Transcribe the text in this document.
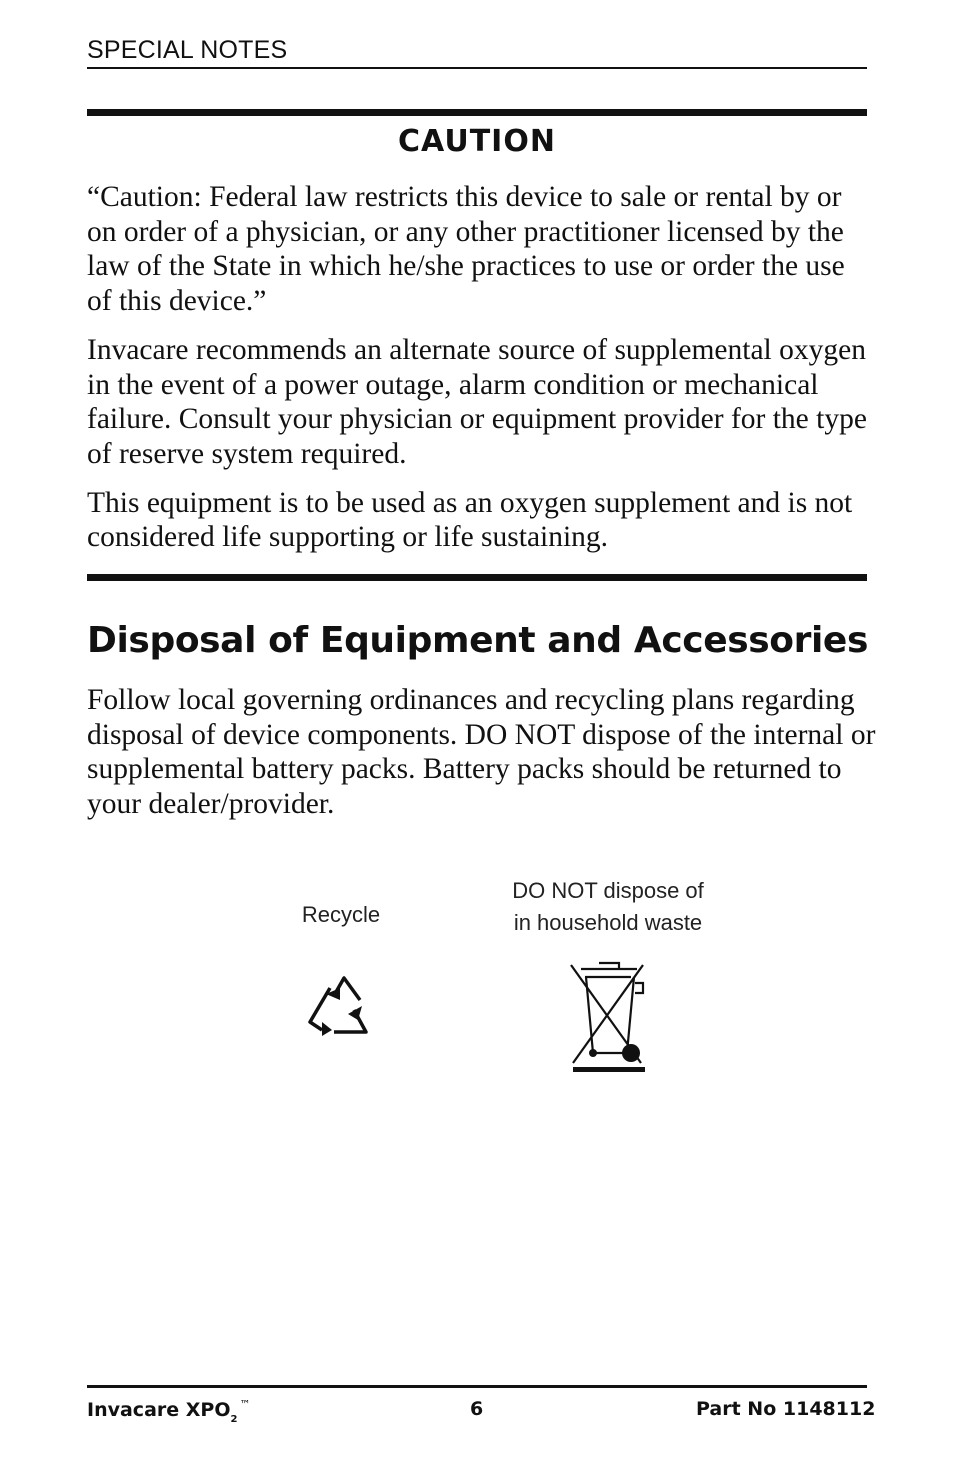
SPECIAL NOTES
CAUTION

“Caution: Federal law restricts this device to sale or rental by or on order of a physician, or any other practitioner licensed by the law of the State in which he/she practices to use or order the use of this device.”

Invacare recommends an alternate source of supplemental oxygen in the event of a power outage, alarm condition or mechanical failure. Consult your physician or equipment provider for the type of reserve system required.

This equipment is to be used as an oxygen supplement and is not considered life supporting or life sustaining.

Disposal of Equipment and Accessories

Follow local governing ordinances and recycling plans regarding disposal of device components. DO NOT dispose of the internal or supplemental battery packs. Battery packs should be returned to your dealer/provider.

Recycle
DO NOT dispose of
in household waste
Invacare $XPO_2™$	6	Part No 1148112
